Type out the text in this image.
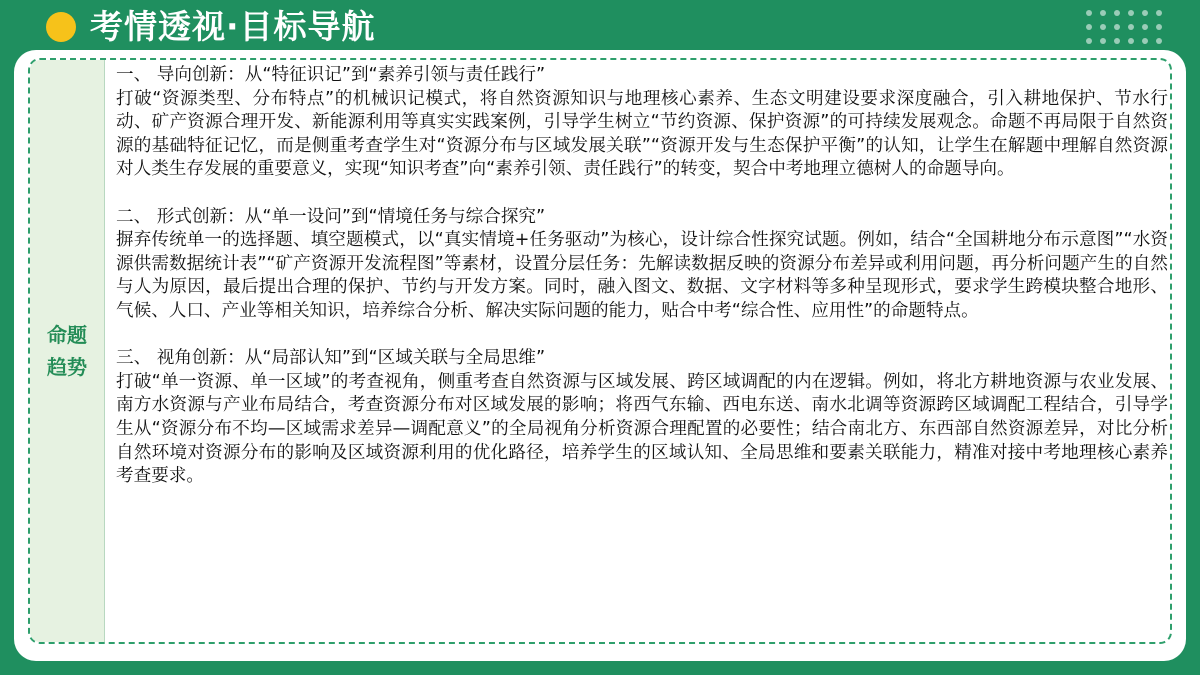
考情透视·目标导航
命题趋势

一、 导向创新：从“特征识记”到“素养引领与责任践行”

打破“资源类型、分布特点”的机械识记模式，将自然资源知识与地理核心素养、生态文明建设要求深度融合，引入耕地保护、节水行动、矿产资源合理开发、新能源利用等真实实践案例，引导学生树立“节约资源、保护资源”的可持续发展观念。命题不再局限于自然资源的基础特征记忆，而是侧重考查学生对“资源分布与区域发展关联”“资源开发与生态保护平衡”的认知，让学生在解题中理解自然资源对人类生存发展的重要意义，实现“知识考查”向“素养引领、责任践行”的转变，契合中考地理立德树人的命题导向。

二、 形式创新：从“单一设问”到“情境任务与综合探究”

摒弃传统单一的选择题、填空题模式，以“真实情境+任务驱动”为核心，设计综合性探究试题。例如，结合“全国耕地分布示意图”“水资源供需数据统计表”“矿产资源开发流程图”等素材，设置分层任务：先解读数据反映的资源分布差异或利用问题，再分析问题产生的自然与人为原因，最后提出合理的保护、节约与开发方案。同时，融入图文、数据、文字材料等多种呈现形式，要求学生跨模块整合地形、气候、人口、产业等相关知识，培养综合分析、解决实际问题的能力，贴合中考“综合性、应用性”的命题特点。

三、 视角创新：从“局部认知”到“区域关联与全局思维”

打破“单一资源、单一区域”的考查视角，侧重考查自然资源与区域发展、跨区域调配的内在逻辑。例如，将北方耕地资源与农业发展、南方水资源与产业布局结合，考查资源分布对区域发展的影响；将西气东输、西电东送、南水北调等资源跨区域调配工程结合，引导学生从“资源分布不均—区域需求差异—调配意义”的全局视角分析资源合理配置的必要性；结合南北方、东西部自然资源差异，对比分析自然环境对资源分布的影响及区域资源利用的优化路径，培养学生的区域认知、全局思维和要素关联能力，精准对接中考地理核心素养考查要求。
